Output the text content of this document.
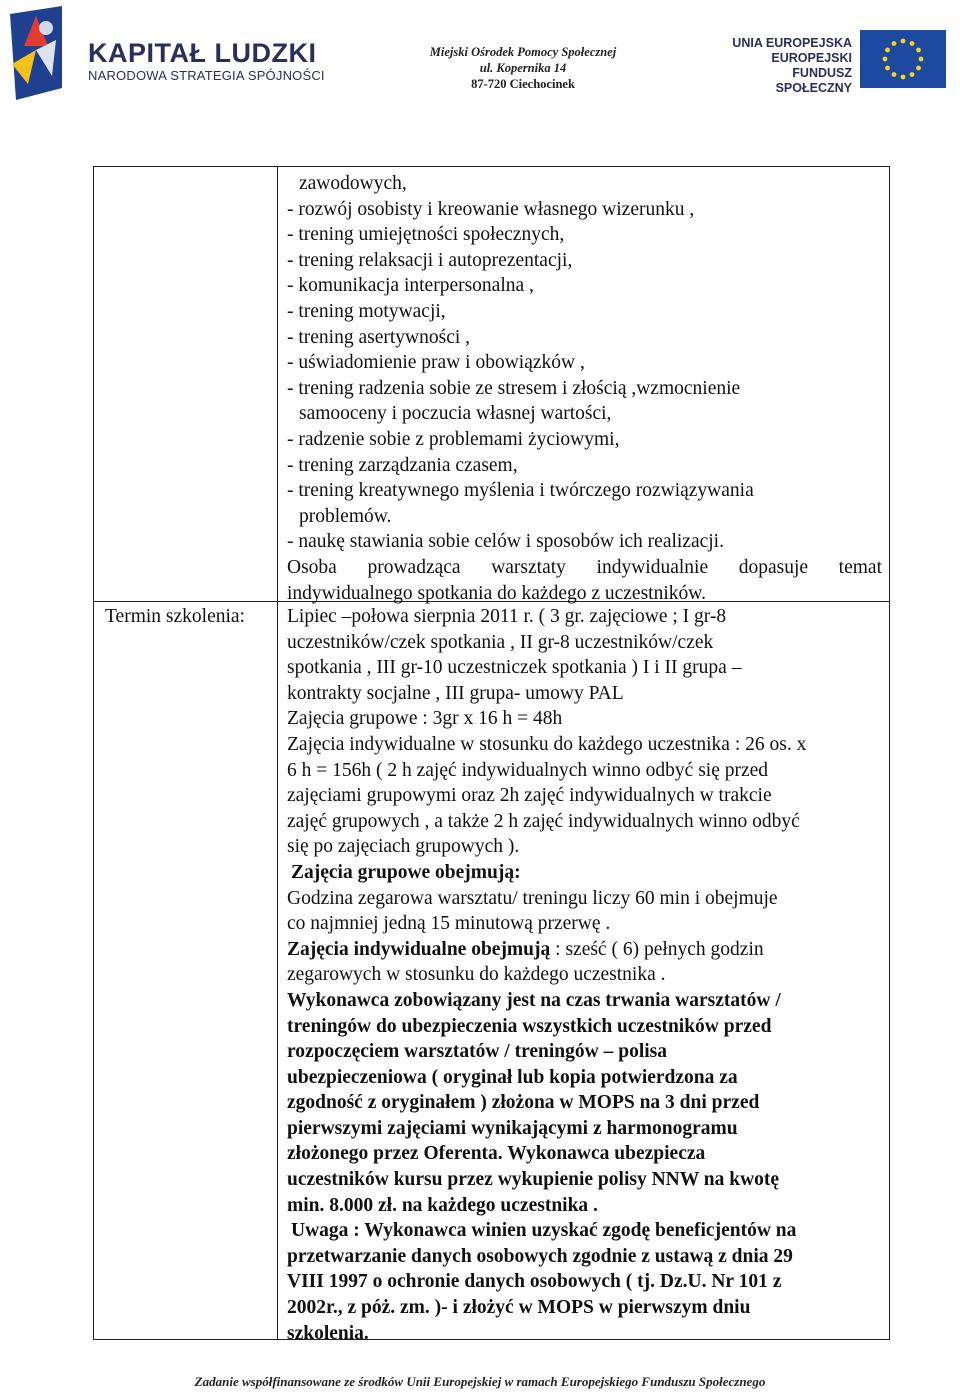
KAPITAŁ LUDZKI
NARODOWA STRATEGIA SPÓJNOŚCI
Miejski Ośrodek Pomocy Społecznej
ul. Kopernika 14
87-720 Ciechocinek
UNIA EUROPEJSKA
EUROPEJSKI
FUNDUSZ SPOŁECZNY
zawodowych,
- rozwój osobisty i kreowanie własnego wizerunku ,
- trening umiejętności społecznych,
- trening relaksacji i autoprezentacji,
- komunikacja interpersonalna ,
- trening motywacji,
- trening asertywności ,
- uświadomienie praw i obowiązków ,
- trening radzenia sobie ze stresem i złością ,wzmocnienie
samooceny i poczucia własnej wartości,
- radzenie sobie z problemami życiowymi,
- trening zarządzania czasem,
- trening kreatywnego myślenia i twórczego rozwiązywania
problemów.
- naukę stawiania sobie celów i sposobów ich realizacji.
Osoba prowadząca warsztaty indywidualnie dopasuje temat
indywidualnego spotkania do każdego z uczestników.
Termin szkolenia:	Lipiec –połowa sierpnia 2011 r. ( 3 gr. zajęciowe ; I gr-8
uczestników/czek spotkania , II gr-8 uczestników/czek
spotkania , III gr-10 uczestniczek spotkania ) I i II grupa –
kontrakty socjalne , III grupa- umowy PAL
Zajęcia grupowe : 3gr x 16 h = 48h
Zajęcia indywidualne w stosunku do każdego uczestnika : 26 os. x
6 h = 156h ( 2 h zajęć indywidualnych winno odbyć się przed
zajęciami grupowymi oraz 2h zajęć indywidualnych w trakcie
zajęć grupowych , a także 2 h zajęć indywidualnych winno odbyć
się po zajęciach grupowych ).
Zajęcia grupowe obejmują:
Godzina zegarowa warsztatu/ treningu liczy 60 min i obejmuje
co najmniej jedną 15 minutową przerwę .
Zajęcia indywidualne obejmują : sześć ( 6) pełnych godzin
zegarowych w stosunku do każdego uczestnika .
Wykonawca zobowiązany jest na czas trwania warsztatów /
treningów do ubezpieczenia wszystkich uczestników przed
rozpoczęciem warsztatów / treningów – polisa
ubezpieczeniowa ( oryginał lub kopia potwierdzona za
zgodność z oryginałem ) złożona w MOPS na 3 dni przed
pierwszymi zajęciami wynikającymi z harmonogramu
złożonego przez Oferenta. Wykonawca ubezpiecza
uczestników kursu przez wykupienie polisy NNW na kwotę
min. 8.000 zł. na każdego uczestnika .
Uwaga : Wykonawca winien uzyskać zgodę beneficjentów na
przetwarzanie danych osobowych zgodnie z ustawą z dnia 29
VIII 1997 o ochronie danych osobowych ( tj. Dz.U. Nr 101 z
2002r., z póż. zm. )- i złożyć w MOPS w pierwszym dniu
szkolenia.
Zadanie współfinansowane ze środków Unii Europejskiej w ramach Europejskiego Funduszu Społecznego
